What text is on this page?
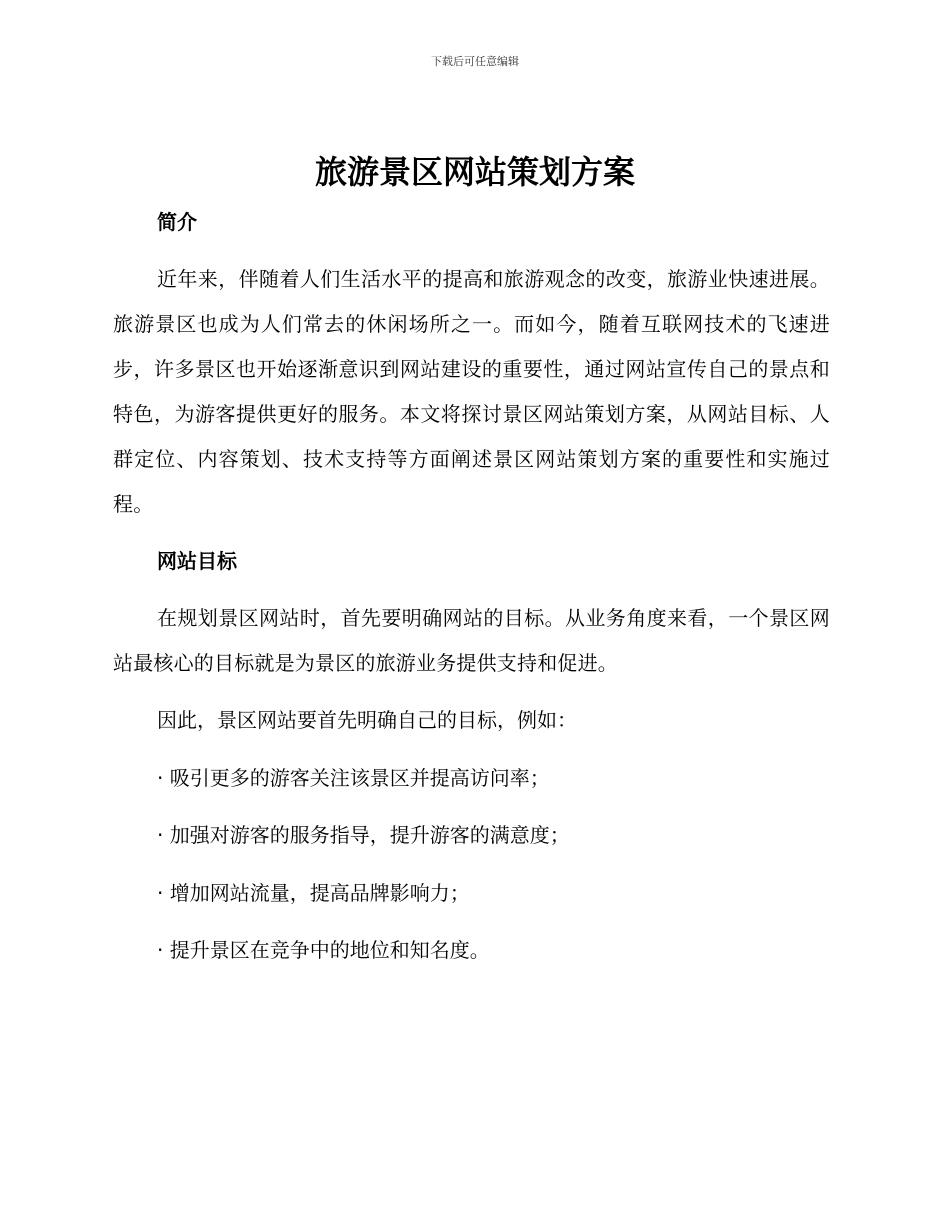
下载后可任意编辑
旅游景区网站策划方案
简介

近年来，伴随着人们生活水平的提高和旅游观念的改变，旅游业快速进展。旅游景区也成为人们常去的休闲场所之一。而如今，随着互联网技术的飞速进步，许多景区也开始逐渐意识到网站建设的重要性，通过网站宣传自己的景点和特色，为游客提供更好的服务。本文将探讨景区网站策划方案，从网站目标、人群定位、内容策划、技术支持等方面阐述景区网站策划方案的重要性和实施过程。

网站目标

在规划景区网站时，首先要明确网站的目标。从业务角度来看，一个景区网站最核心的目标就是为景区的旅游业务提供支持和促进。

因此，景区网站要首先明确自己的目标，例如：

· 吸引更多的游客关注该景区并提高访问率；

· 加强对游客的服务指导，提升游客的满意度；

· 增加网站流量，提高品牌影响力；

· 提升景区在竞争中的地位和知名度。
